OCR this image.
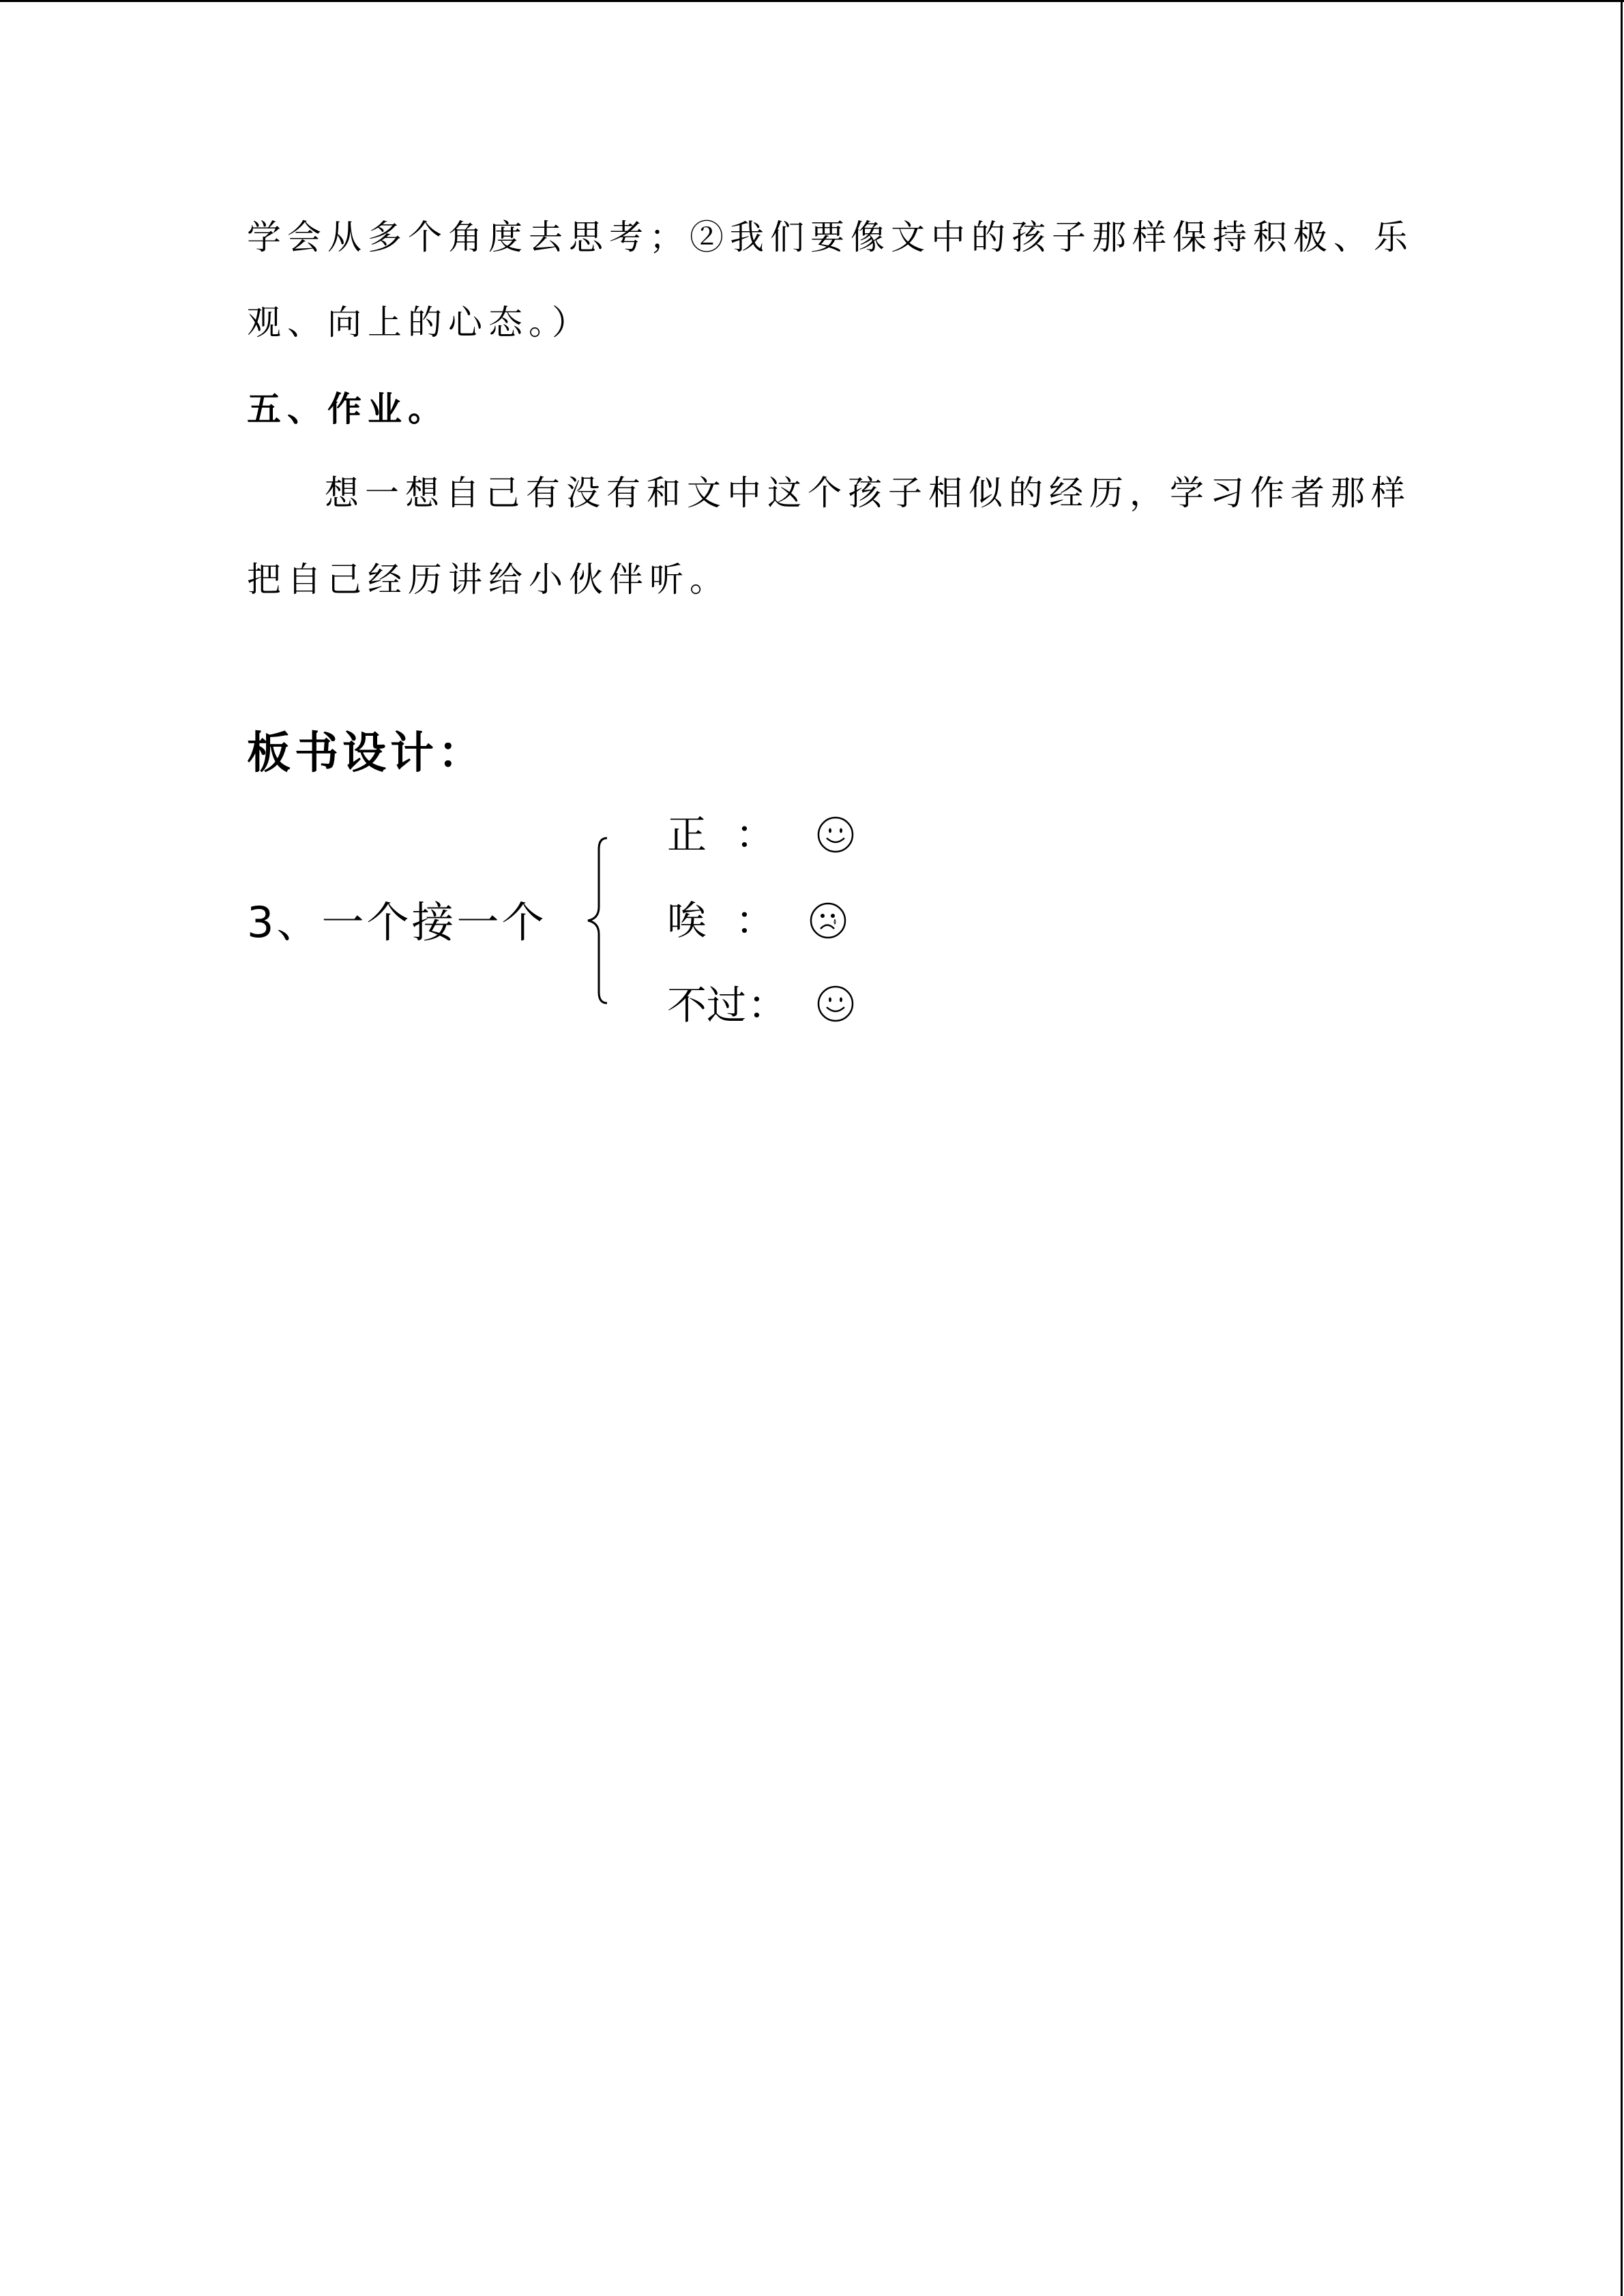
学会从多个角度去思考；②我们要像文中的孩子那样保持积极、乐
观、向上的心态。）
五、作业。
想一想自己有没有和文中这个孩子相似的经历，学习作者那样
把自己经历讲给小伙伴听。
板书设计：
3、一个接一个
正 ：
唉 ：
不过 ：
